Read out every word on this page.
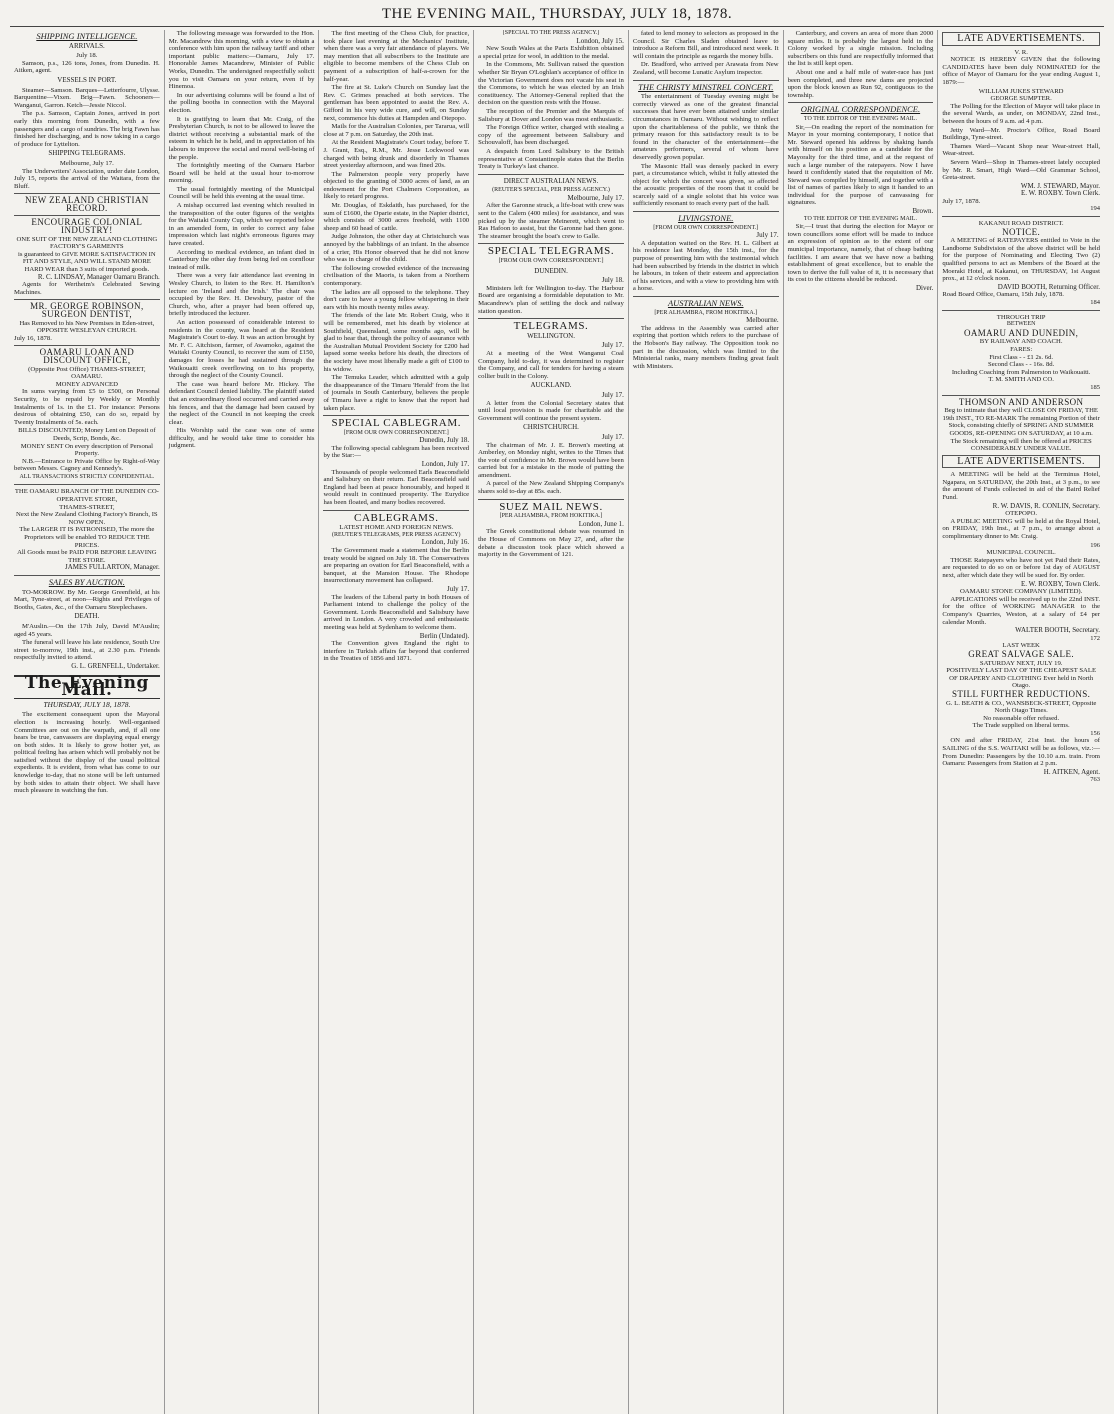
THE EVENING MAIL, THURSDAY, JULY 18, 1878.
SHIPPING INTELLIGENCE.
ARRIVALS.
July 18.

Samson, p.s., 126 tons, Jones, from Dunedin. H. Aitken, agent.

VESSELS IN PORT.

Steamer—Samson. Barques—Letterfourre, Ulysse. Barquentine—Vixen. Brig—Fawn. Schooners—Wanganui, Garron. Ketch—Jessie Niccol.

The p.s. Samson, Captain Jones, arrived in port early this morning from Dunedin, with a few passengers and a cargo of sundries. The brig Fawn has finished her discharging, and is now taking in a cargo of produce for Lyttelton.

SHIPPING TELEGRAMS.
Melbourne, July 17.

The Underwriters' Association, under date London, July 15, reports the arrival of the Waitara, from the Bluff.

NEW ZEALAND CHRISTIAN RECORD.
ENCOURAGE COLONIAL INDUSTRY!
ONE SUIT OF THE NEW ZEALAND CLOTHING FACTORY'S GARMENTS
is guaranteed to GIVE MORE SATISFACTION IN FIT AND STYLE, AND WILL STAND MORE HARD WEAR than 3 suits of imported goods.
R. C. LINDSAY, Manager Oamaru Branch.

Agents for Wertheim's Celebrated Sewing Machines.

MR. GEORGE ROBINSON, SURGEON DENTIST,
Has Removed to his New Premises in Eden-street, OPPOSITE WESLEYAN CHURCH.
July 16, 1878.
OAMARU LOAN AND DISCOUNT OFFICE,
(Opposite Post Office) THAMES-STREET, OAMARU.
MONEY ADVANCED

In sums varying from £5 to £500, on Personal Security, to be repaid by Weekly or Monthly Instalments of 1s. in the £1. For instance: Persons desirous of obtaining £50, can do so, repaid by Twenty Instalments of 5s. each.

BILLS DISCOUNTED; Money Lent on Deposit of Deeds, Scrip, Bonds, &c.
MONEY SENT On every description of Personal Property.

N.B.—Entrance to Private Office by Right-of-Way between Messrs. Cagney and Kennedy's.

ALL TRANSACTIONS STRICTLY CONFIDENTIAL.
THE OAMARU BRANCH OF THE DUNEDIN CO-OPERATIVE STORE,
THAMES-STREET,
Next the New Zealand Clothing Factory's Branch, IS NOW OPEN.
The LARGER IT IS PATRONISED, The more the Proprietors will be enabled TO REDUCE THE PRICES.
All Goods must be PAID FOR BEFORE LEAVING THE STORE.
JAMES FULLARTON, Manager.
SALES BY AUCTION.

TO-MORROW. By Mr. George Greenfield, at his Mart, Tyne-street, at noon—Rights and Privileges of Booths, Gates, &c., of the Oamaru Steeplechases.

DEATH.

M'Auslin.—On the 17th July, David M'Auslin; aged 45 years.

The funeral will leave his late residence, South Ure street to-morrow, 19th inst., at 2.30 p.m. Friends respectfully invited to attend.

G. L. GRENFELL, Undertaker.
The Evening Mail.
THURSDAY, JULY 18, 1878.

The excitement consequent upon the Mayoral election is increasing hourly. Well-organised Committees are out on the warpath, and, if all one hears be true, canvassers are displaying equal energy on both sides. It is likely to grow hotter yet, as political feeling has arisen which will probably not be satisfied without the display of the usual political expedients. It is evident, from what has come to our knowledge to-day, that no stone will be left unturned by both sides to attain their object. We shall have much pleasure in watching the fun.

The following message was forwarded to the Hon. Mr. Macandrew this morning, with a view to obtain a conference with him upon the railway tariff and other important public matters:—Oamaru, July 17. Honorable James Macandrew, Minister of Public Works, Dunedin. The undersigned respectfully solicit you to visit Oamaru on your return, even if by Hinemoa.

In our advertising columns will be found a list of the polling booths in connection with the Mayoral election.

It is gratifying to learn that Mr. Craig, of the Presbyterian Church, is not to be allowed to leave the district without receiving a substantial mark of the esteem in which he is held, and in appreciation of his labours to improve the social and moral well-being of the people.

The fortnightly meeting of the Oamaru Harbor Board will be held at the usual hour to-morrow morning.

The usual fortnightly meeting of the Municipal Council will be held this evening at the usual time.

A mishap occurred last evening which resulted in the transposition of the outer figures of the weights for the Waitaki County Cup, which we reported below in an amended form, in order to correct any false impression which last night's erroneous figures may have created.

According to medical evidence, an infant died in Canterbury the other day from being fed on cornflour instead of milk.

There was a very fair attendance last evening in Wesley Church, to listen to the Rev. H. Hamilton's lecture on 'Ireland and the Irish.' The chair was occupied by the Rev. H. Dewsbury, pastor of the Church, who, after a prayer had been offered up, briefly introduced the lecturer.

An action possessed of considerable interest to residents in the county, was heard at the Resident Magistrate's Court to-day. It was an action brought by Mr. F. C. Aitchison, farmer, of Awamoko, against the Waitaki County Council, to recover the sum of £150, damages for losses he had sustained through the Waikouaiti creek overflowing on to his property, through the neglect of the County Council.

The case was heard before Mr. Hickey. The defendant Council denied liability. The plaintiff stated that an extraordinary flood occurred and carried away his fences, and that the damage had been caused by the neglect of the Council in not keeping the creek clear.

His Worship said the case was one of some difficulty, and he would take time to consider his judgment.

The first meeting of the Chess Club, for practice, took place last evening at the Mechanics' Institute, when there was a very fair attendance of players. We may mention that all subscribers to the Institute are eligible to become members of the Chess Club on payment of a subscription of half-a-crown for the half-year.

The fire at St. Luke's Church on Sunday last the Rev. C. Grimes preached at both services. The gentleman has been appointed to assist the Rev. A. Gifford in his very wide cure, and will, on Sunday next, commence his duties at Hampden and Otepopo.

Mails for the Australian Colonies, per Tararua, will close at 7 p.m. on Saturday, the 20th inst.

At the Resident Magistrate's Court today, before T. J. Grant, Esq., R.M., Mr. Jesse Lockwood was charged with being drunk and disorderly in Thames street yesterday afternoon, and was fined 20s.

The Palmerston people very properly have objected to the granting of 3000 acres of land, as an endowment for the Port Chalmers Corporation, as likely to retard progress.

Mr. Douglas, of Eskdaith, has purchased, for the sum of £1600, the Oparie estate, in the Napier district, which consists of 3000 acres freehold, with 1100 sheep and 60 head of cattle.

Judge Johnston, the other day at Christchurch was annoyed by the babblings of an infant. In the absence of a crier, His Honor observed that he did not know who was in charge of the child.

The following crowded evidence of the increasing civilisation of the Maoris, is taken from a Northern contemporary.

The ladies are all opposed to the telephone. They don't care to have a young fellow whispering in their ears with his mouth twenty miles away.

The friends of the late Mr. Robert Craig, who it will be remembered, met his death by violence at Southfield, Queensland, some months ago, will be glad to hear that, through the policy of assurance with the Australian Mutual Provident Society for £200 had lapsed some weeks before his death, the directors of the society have most liberally made a gift of £100 to his widow.

The Temuka Leader, which admitted with a gulp the disappearance of the Timaru 'Herald' from the list of journals in South Canterbury, believes the people of Timaru have a right to know that the report had taken place.

SPECIAL CABLEGRAM.
[FROM OUR OWN CORRESPONDENT.]
Dunedin, July 18.

The following special cablegram has been received by the Star:—

London, July 17.

Thousands of people welcomed Earls Beaconsfield and Salisbury on their return. Earl Beaconsfield said England had been at peace honourably, and hoped it would result in continued prosperity. The Eurydice has been floated, and many bodies recovered.

CABLEGRAMS.
LATEST HOME AND FOREIGN NEWS.
(REUTER'S TELEGRAMS, PER PRESS AGENCY)
London, July 16.

The Government made a statement that the Berlin treaty would be signed on July 18. The Conservatives are preparing an ovation for Earl Beaconsfield, with a banquet, at the Mansion House. The Rhodope insurrectionary movement has collapsed.

July 17.

The leaders of the Liberal party in both Houses of Parliament intend to challenge the policy of the Government. Lords Beaconsfield and Salisbury have arrived in London. A very crowded and enthusiastic meeting was held at Sydenham to welcome them.

Berlin (Undated).

The Convention gives England the right to interfere in Turkish affairs far beyond that conferred in the Treaties of 1856 and 1871.

[SPECIAL TO THE PRESS AGENCY.]
London, July 15.

New South Wales at the Paris Exhibition obtained a special prize for wool, in addition to the medal.

In the Commons, Mr. Sullivan raised the question whether Sir Bryan O'Loghlan's acceptance of office in the Victorian Government does not vacate his seat in the Commons, to which he was elected by an Irish constituency. The Attorney-General replied that the decision on the question rests with the House.

The reception of the Premier and the Marquis of Salisbury at Dover and London was most enthusiastic.

The Foreign Office writer, charged with stealing a copy of the agreement between Salisbury and Schouvaloff, has been discharged.

A despatch from Lord Salisbury to the British representative at Constantinople states that the Berlin Treaty is Turkey's last chance.

DIRECT AUSTRALIAN NEWS.
(REUTER'S SPECIAL, PER PRESS AGENCY.)
Melbourne, July 17.

After the Garonne struck, a life-boat with crew was sent to the Calem (400 miles) for assistance, and was picked up by the steamer Meinerett, which went to Ras Hafoon to assist, but the Garonne had then gone. The steamer brought the boat's crew to Galle.

SPECIAL TELEGRAMS.
[FROM OUR OWN CORRESPONDENT.]
DUNEDIN.
July 18.

Ministers left for Wellington to-day. The Harbour Board are organising a formidable deputation to Mr. Macandrew's plan of settling the dock and railway station question.

TELEGRAMS.
WELLINGTON.
July 17.

At a meeting of the West Wanganui Coal Company, held to-day, it was determined to register the Company, and call for tenders for having a steam collier built in the Colony.

AUCKLAND.
July 17.

A letter from the Colonial Secretary states that until local provision is made for charitable aid the Government will continue the present system.

CHRISTCHURCH.
July 17.

The chairman of Mr. J. E. Brown's meeting at Amberley, on Monday night, writes to the Times that the vote of confidence in Mr. Brown would have been carried but for a mistake in the mode of putting the amendment.

A parcel of the New Zealand Shipping Company's shares sold to-day at 85s. each.

SUEZ MAIL NEWS.
[PER ALHAMBRA, FROM HOKITIKA.]
London, June 1.

The Greek constitutional debate was resumed in the House of Commons on May 27, and, after the debate a discussion took place which showed a majority in the Government of 121.

fated to lend money to selectors as proposed in the Council. Sir Charles Sladen obtained leave to introduce a Reform Bill, and introduced next week. It will contain the principle as regards the money bills.

Dr. Bradford, who arrived per Arawata from New Zealand, will become Lunatic Asylum inspector.

THE CHRISTY MINSTREL CONCERT.

The entertainment of Tuesday evening might be correctly viewed as one of the greatest financial successes that have ever been attained under similar circumstances in Oamaru. Without wishing to reflect upon the charitableness of the public, we think the primary reason for this satisfactory result is to be found in the character of the entertainment—the amateurs performers, several of whom have deservedly grown popular.

The Masonic Hall was densely packed in every part, a circumstance which, whilst it fully attested the object for which the concert was given, so affected the acoustic properties of the room that it could be scarcely said of a single soloist that his voice was sufficiently resonant to reach every part of the hall.

LIVINGSTONE.
[FROM OUR OWN CORRESPONDENT.]
July 17.

A deputation waited on the Rev. H. L. Gilbert at his residence last Monday, the 15th inst., for the purpose of presenting him with the testimonial which had been subscribed by friends in the district in which he labours, in token of their esteem and appreciation of his services, and with a view to providing him with a horse.

AUSTRALIAN NEWS.
[PER ALHAMBRA, FROM HOKITIKA.]
Melbourne.

The address in the Assembly was carried after expiring that portion which refers to the purchase of the Hobson's Bay railway. The Opposition took no part in the discussion, which was limited to the Ministerial ranks, many members finding great fault with Ministers.

Canterbury, and covers an area of more than 2000 square miles. It is probably the largest held in the Colony worked by a single mission. Including subscribers on this fund are respectfully informed that the list is still kept open.

About one and a half mile of water-race has just been completed, and three new dams are projected upon the block known as Run 92, contiguous to the township.

ORIGINAL CORRESPONDENCE.
TO THE EDITOR OF THE EVENING MAIL.

Sir,—On reading the report of the nomination for Mayor in your morning contemporary, I notice that Mr. Steward opened his address by shaking hands with himself on his position as a candidate for the Mayoralty for the third time, and at the request of such a large number of the ratepayers. Now I have heard it confidently stated that the requisition of Mr. Steward was compiled by himself, and together with a list of names of parties likely to sign it handed to an individual for the purpose of canvassing for signatures.

Brown.
TO THE EDITOR OF THE EVENING MAIL.

Sir,—I trust that during the election for Mayor or town councillors some effort will be made to induce an expression of opinion as to the extent of our municipal importance, namely, that of cheap bathing facilities. I am aware that we have now a bathing establishment of great excellence, but to enable the town to derive the full value of it, it is necessary that its cost to the citizens should be reduced.

Diver.
LATE ADVERTISEMENTS.
V. R.

NOTICE IS HEREBY GIVEN that the following CANDIDATES have been duly NOMINATED for the office of Mayor of Oamaru for the year ending August 1, 1879:—

WILLIAM JUKES STEWARD
GEORGE SUMPTER.

The Polling for the Election of Mayor will take place in the several Wards, as under, on MONDAY, 22nd Inst., between the hours of 9 a.m. ad 4 p.m.

Jetty Ward—Mr. Proctor's Office, Road Board Buildings, Tyne-street.

Thames Ward—Vacant Shop near Wear-street Hall, Wear-street.

Severn Ward—Shop in Thames-street lately occupied by Mr. R. Smart, High Ward—Old Grammar School, Greta-street.

WM. J. STEWARD, Mayor.
E. W. ROXBY. Town Clerk.
July 17, 1878.
194
KAKANUI ROAD DISTRICT.
NOTICE.

A MEETING of RATEPAYERS entitled to Vote in the Landborne Subdivision of the above district will be held for the purpose of Nominating and Electing Two (2) qualified persons to act as Members of the Board at the Moeraki Hotel, at Kakanui, on THURSDAY, 1st August prox., at 12 o'clock noon.

DAVID BOOTH, Returning Officer.
Road Board Office, Oamaru, 15th July, 1878.
184
THROUGH TRIP
BETWEEN
OAMARU AND DUNEDIN,
BY RAILWAY AND COACH.
FARES:
First Class - - £1 2s. 6d.
Second Class - - 16s. 8d.
Including Coaching from Palmerston to Waikouaiti.
T. M. SMITH AND CO.
185
THOMSON AND ANDERSON
Beg to intimate that they will CLOSE ON FRIDAY, THE 19th INST., TO RE-MARK The remaining Portion of their Stock, consisting chiefly of SPRING AND SUMMER GOODS, RE-OPENING ON SATURDAY, at 10 a.m.
The Stock remaining will then be offered at PRICES CONSIDERABLY UNDER VALUE.
LATE ADVERTISEMENTS.

A MEETING will be held at the Terminus Hotel, Ngapara, on SATURDAY, the 20th Inst., at 3 p.m., to see the amount of Funds collected in aid of the Baird Relief Fund.

R. W. DAVIS, R. CONLIN, Secretary.
OTEPOPO.

A PUBLIC MEETING will be held at the Royal Hotel, on FRIDAY, 19th Inst., at 7 p.m., to arrange about a complimentary dinner to Mr. Craig.

196
MUNICIPAL COUNCIL.

THOSE Ratepayers who have not yet Paid their Rates, are requested to do so on or before 1st day of AUGUST next, after which date they will be sued for. By order.

E. W. ROXBY, Town Clerk.
OAMARU STONE COMPANY (LIMITED).

APPLICATIONS will be received up to the 22nd INST. for the office of WORKING MANAGER to the Company's Quarries, Weston, at a salary of £4 per calendar Month.

WALTER BOOTH, Secretary.
172
LAST WEEK
GREAT SALVAGE SALE.
SATURDAY NEXT, JULY 19.
POSITIVELY LAST DAY OF THE CHEAPEST SALE OF DRAPERY AND CLOTHING Ever held in North Otago.
STILL FURTHER REDUCTIONS.
G. L. BEATH & CO., WANSBECK-STREET, Opposite North Otago Times.
No reasonable offer refused.
The Trade supplied on liberal terms.
156

ON and after FRIDAY, 21st Inst. the hours of SAILING of the S.S. WAITAKI will be as follows, viz.:—From Dunedin: Passengers by the 10.10 a.m. train. From Oamaru: Passengers from Station at 2 p.m.

H. AITKEN, Agent.
763
